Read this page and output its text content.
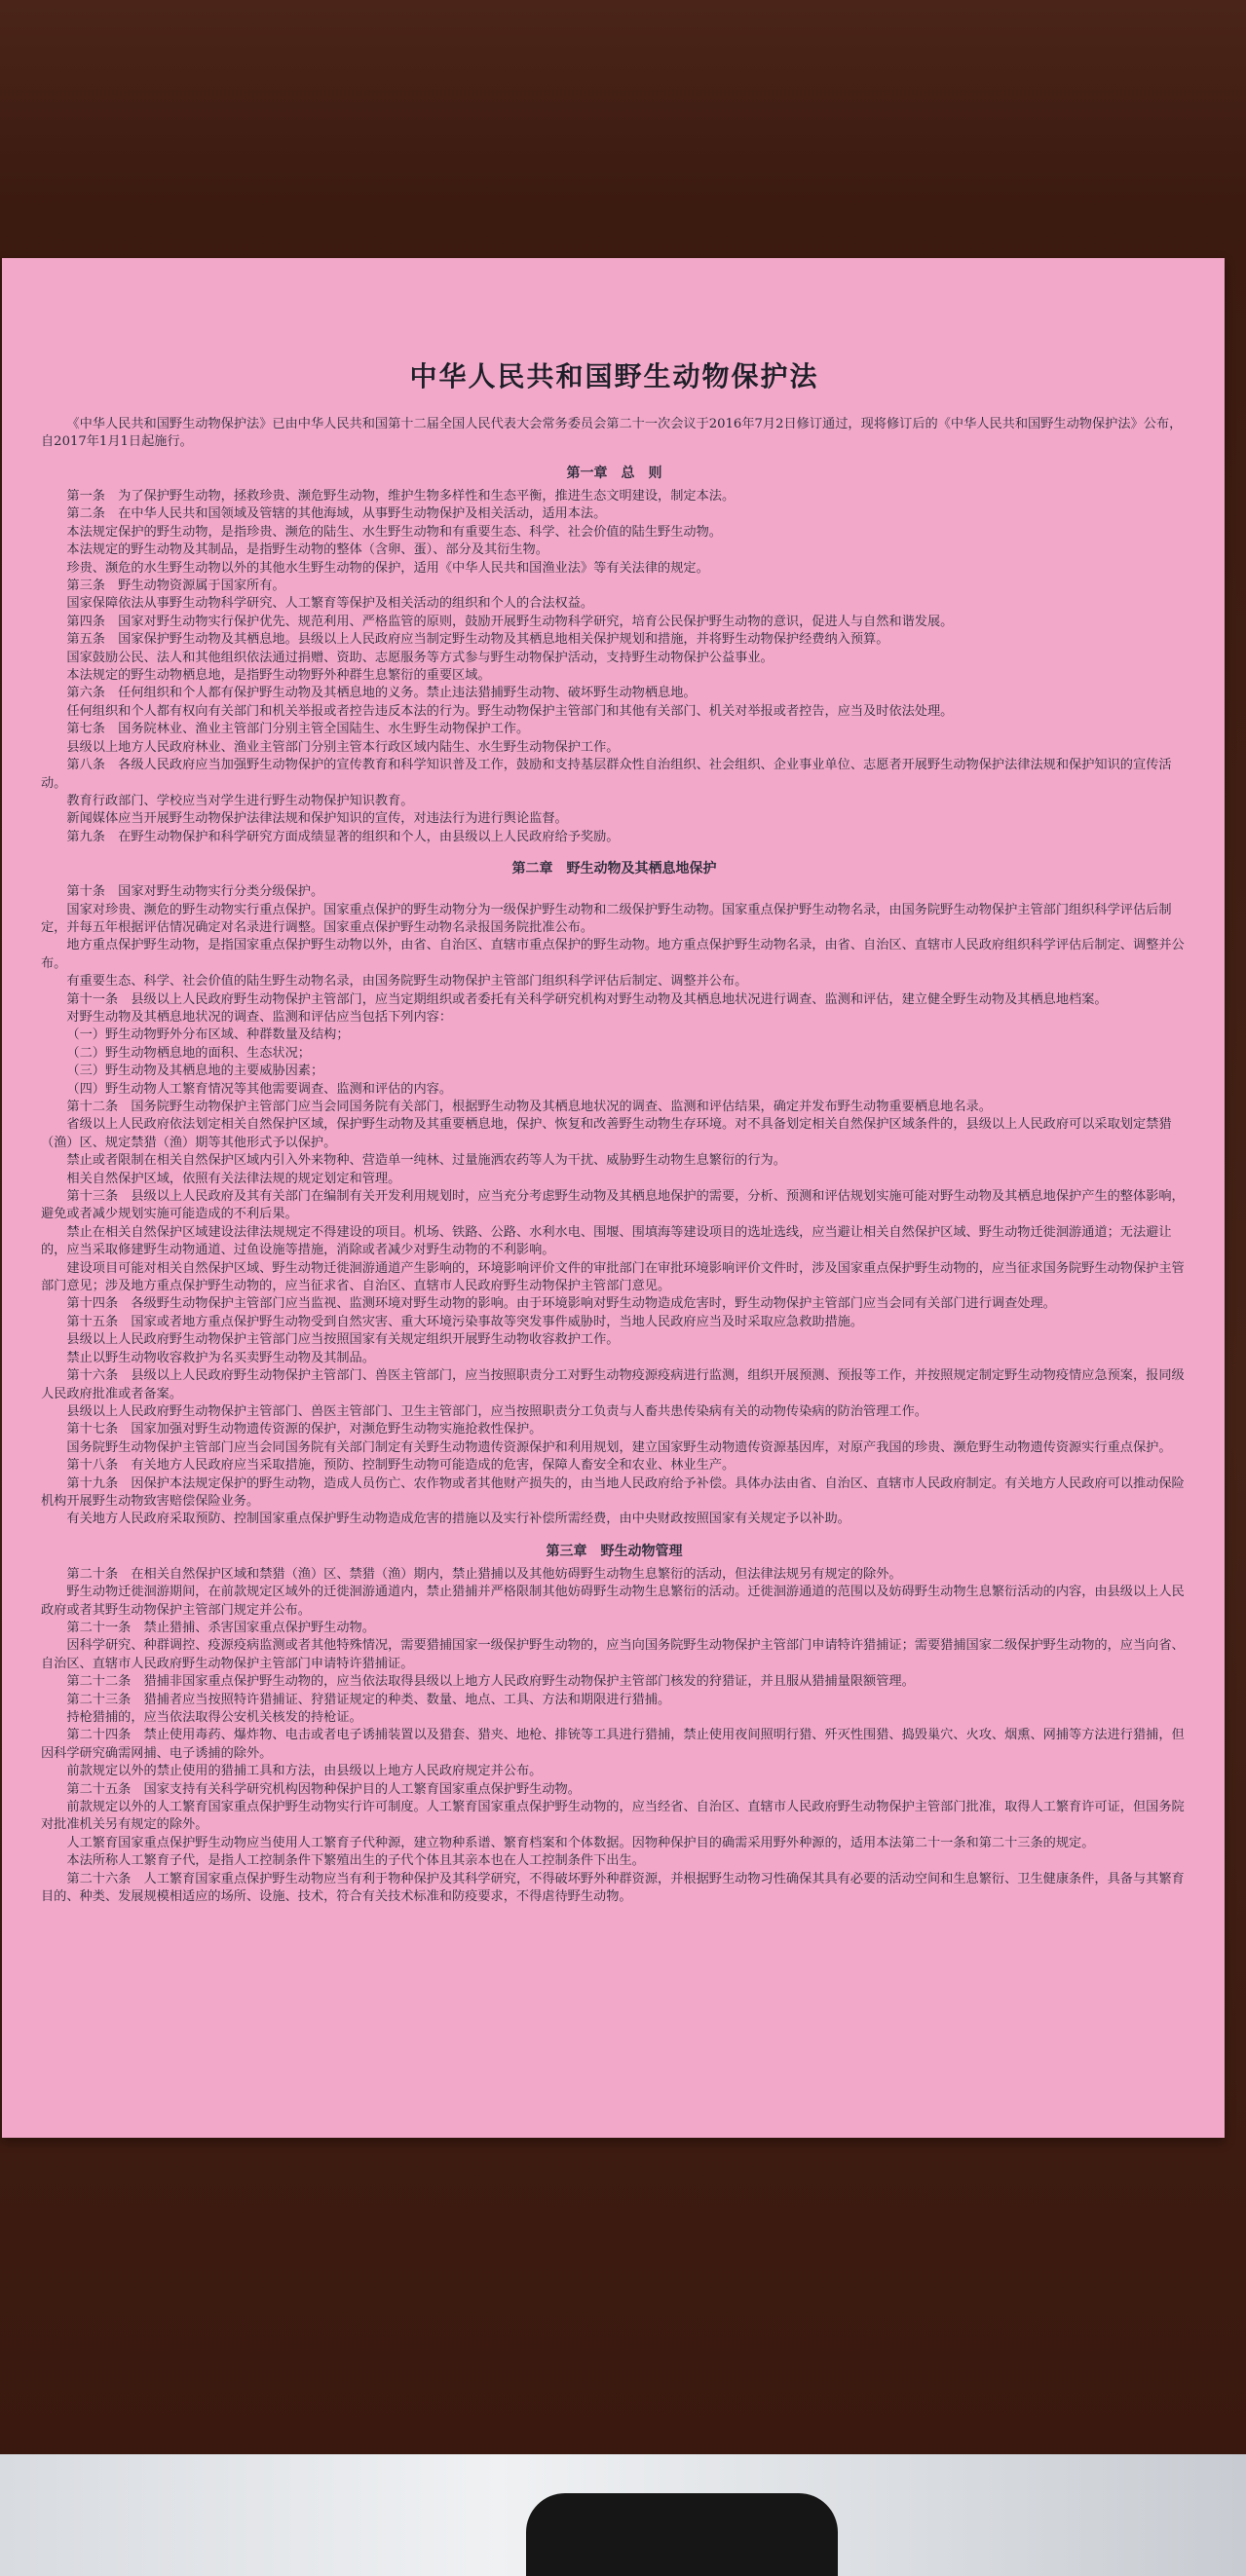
中华人民共和国野生动物保护法

《中华人民共和国野生动物保护法》已由中华人民共和国第十二届全国人民代表大会常务委员会第二十一次会议于2016年7月2日修订通过，现将修订后的《中华人民共和国野生动物保护法》公布，自2017年1月1日起施行。

第一章　总　则

第一条　为了保护野生动物，拯救珍贵、濒危野生动物，维护生物多样性和生态平衡，推进生态文明建设，制定本法。

第二条　在中华人民共和国领域及管辖的其他海域，从事野生动物保护及相关活动，适用本法。

本法规定保护的野生动物，是指珍贵、濒危的陆生、水生野生动物和有重要生态、科学、社会价值的陆生野生动物。

本法规定的野生动物及其制品，是指野生动物的整体（含卵、蛋）、部分及其衍生物。

珍贵、濒危的水生野生动物以外的其他水生野生动物的保护，适用《中华人民共和国渔业法》等有关法律的规定。

第三条　野生动物资源属于国家所有。

国家保障依法从事野生动物科学研究、人工繁育等保护及相关活动的组织和个人的合法权益。

第四条　国家对野生动物实行保护优先、规范利用、严格监管的原则，鼓励开展野生动物科学研究，培育公民保护野生动物的意识，促进人与自然和谐发展。

第五条　国家保护野生动物及其栖息地。县级以上人民政府应当制定野生动物及其栖息地相关保护规划和措施，并将野生动物保护经费纳入预算。

国家鼓励公民、法人和其他组织依法通过捐赠、资助、志愿服务等方式参与野生动物保护活动，支持野生动物保护公益事业。

本法规定的野生动物栖息地，是指野生动物野外种群生息繁衍的重要区域。

第六条　任何组织和个人都有保护野生动物及其栖息地的义务。禁止违法猎捕野生动物、破坏野生动物栖息地。

任何组织和个人都有权向有关部门和机关举报或者控告违反本法的行为。野生动物保护主管部门和其他有关部门、机关对举报或者控告，应当及时依法处理。

第七条　国务院林业、渔业主管部门分别主管全国陆生、水生野生动物保护工作。

县级以上地方人民政府林业、渔业主管部门分别主管本行政区域内陆生、水生野生动物保护工作。

第八条　各级人民政府应当加强野生动物保护的宣传教育和科学知识普及工作，鼓励和支持基层群众性自治组织、社会组织、企业事业单位、志愿者开展野生动物保护法律法规和保护知识的宣传活动。

教育行政部门、学校应当对学生进行野生动物保护知识教育。

新闻媒体应当开展野生动物保护法律法规和保护知识的宣传，对违法行为进行舆论监督。

第九条　在野生动物保护和科学研究方面成绩显著的组织和个人，由县级以上人民政府给予奖励。

第二章　野生动物及其栖息地保护

第十条　国家对野生动物实行分类分级保护。

国家对珍贵、濒危的野生动物实行重点保护。国家重点保护的野生动物分为一级保护野生动物和二级保护野生动物。国家重点保护野生动物名录，由国务院野生动物保护主管部门组织科学评估后制定，并每五年根据评估情况确定对名录进行调整。国家重点保护野生动物名录报国务院批准公布。

地方重点保护野生动物，是指国家重点保护野生动物以外，由省、自治区、直辖市重点保护的野生动物。地方重点保护野生动物名录，由省、自治区、直辖市人民政府组织科学评估后制定、调整并公布。

有重要生态、科学、社会价值的陆生野生动物名录，由国务院野生动物保护主管部门组织科学评估后制定、调整并公布。

第十一条　县级以上人民政府野生动物保护主管部门，应当定期组织或者委托有关科学研究机构对野生动物及其栖息地状况进行调查、监测和评估，建立健全野生动物及其栖息地档案。

对野生动物及其栖息地状况的调查、监测和评估应当包括下列内容：

（一）野生动物野外分布区域、种群数量及结构；

（二）野生动物栖息地的面积、生态状况；

（三）野生动物及其栖息地的主要威胁因素；

（四）野生动物人工繁育情况等其他需要调查、监测和评估的内容。

第十二条　国务院野生动物保护主管部门应当会同国务院有关部门，根据野生动物及其栖息地状况的调查、监测和评估结果，确定并发布野生动物重要栖息地名录。

省级以上人民政府依法划定相关自然保护区域，保护野生动物及其重要栖息地，保护、恢复和改善野生动物生存环境。对不具备划定相关自然保护区域条件的，县级以上人民政府可以采取划定禁猎（渔）区、规定禁猎（渔）期等其他形式予以保护。

禁止或者限制在相关自然保护区域内引入外来物种、营造单一纯林、过量施洒农药等人为干扰、威胁野生动物生息繁衍的行为。

相关自然保护区域，依照有关法律法规的规定划定和管理。

第十三条　县级以上人民政府及其有关部门在编制有关开发利用规划时，应当充分考虑野生动物及其栖息地保护的需要，分析、预测和评估规划实施可能对野生动物及其栖息地保护产生的整体影响，避免或者减少规划实施可能造成的不利后果。

禁止在相关自然保护区域建设法律法规规定不得建设的项目。机场、铁路、公路、水利水电、围堰、围填海等建设项目的选址选线，应当避让相关自然保护区域、野生动物迁徙洄游通道；无法避让的，应当采取修建野生动物通道、过鱼设施等措施，消除或者减少对野生动物的不利影响。

建设项目可能对相关自然保护区域、野生动物迁徙洄游通道产生影响的，环境影响评价文件的审批部门在审批环境影响评价文件时，涉及国家重点保护野生动物的，应当征求国务院野生动物保护主管部门意见；涉及地方重点保护野生动物的，应当征求省、自治区、直辖市人民政府野生动物保护主管部门意见。

第十四条　各级野生动物保护主管部门应当监视、监测环境对野生动物的影响。由于环境影响对野生动物造成危害时，野生动物保护主管部门应当会同有关部门进行调查处理。

第十五条　国家或者地方重点保护野生动物受到自然灾害、重大环境污染事故等突发事件威胁时，当地人民政府应当及时采取应急救助措施。

县级以上人民政府野生动物保护主管部门应当按照国家有关规定组织开展野生动物收容救护工作。

禁止以野生动物收容救护为名买卖野生动物及其制品。

第十六条　县级以上人民政府野生动物保护主管部门、兽医主管部门，应当按照职责分工对野生动物疫源疫病进行监测，组织开展预测、预报等工作，并按照规定制定野生动物疫情应急预案，报同级人民政府批准或者备案。

县级以上人民政府野生动物保护主管部门、兽医主管部门、卫生主管部门，应当按照职责分工负责与人畜共患传染病有关的动物传染病的防治管理工作。

第十七条　国家加强对野生动物遗传资源的保护，对濒危野生动物实施抢救性保护。

国务院野生动物保护主管部门应当会同国务院有关部门制定有关野生动物遗传资源保护和利用规划，建立国家野生动物遗传资源基因库，对原产我国的珍贵、濒危野生动物遗传资源实行重点保护。

第十八条　有关地方人民政府应当采取措施，预防、控制野生动物可能造成的危害，保障人畜安全和农业、林业生产。

第十九条　因保护本法规定保护的野生动物，造成人员伤亡、农作物或者其他财产损失的，由当地人民政府给予补偿。具体办法由省、自治区、直辖市人民政府制定。有关地方人民政府可以推动保险机构开展野生动物致害赔偿保险业务。

有关地方人民政府采取预防、控制国家重点保护野生动物造成危害的措施以及实行补偿所需经费，由中央财政按照国家有关规定予以补助。

第三章　野生动物管理

第二十条　在相关自然保护区域和禁猎（渔）区、禁猎（渔）期内，禁止猎捕以及其他妨碍野生动物生息繁衍的活动，但法律法规另有规定的除外。

野生动物迁徙洄游期间，在前款规定区域外的迁徙洄游通道内，禁止猎捕并严格限制其他妨碍野生动物生息繁衍的活动。迁徙洄游通道的范围以及妨碍野生动物生息繁衍活动的内容，由县级以上人民政府或者其野生动物保护主管部门规定并公布。

第二十一条　禁止猎捕、杀害国家重点保护野生动物。

因科学研究、种群调控、疫源疫病监测或者其他特殊情况，需要猎捕国家一级保护野生动物的，应当向国务院野生动物保护主管部门申请特许猎捕证；需要猎捕国家二级保护野生动物的，应当向省、自治区、直辖市人民政府野生动物保护主管部门申请特许猎捕证。

第二十二条　猎捕非国家重点保护野生动物的，应当依法取得县级以上地方人民政府野生动物保护主管部门核发的狩猎证，并且服从猎捕量限额管理。

第二十三条　猎捕者应当按照特许猎捕证、狩猎证规定的种类、数量、地点、工具、方法和期限进行猎捕。

持枪猎捕的，应当依法取得公安机关核发的持枪证。

第二十四条　禁止使用毒药、爆炸物、电击或者电子诱捕装置以及猎套、猎夹、地枪、排铳等工具进行猎捕，禁止使用夜间照明行猎、歼灭性围猎、捣毁巢穴、火攻、烟熏、网捕等方法进行猎捕，但因科学研究确需网捕、电子诱捕的除外。

前款规定以外的禁止使用的猎捕工具和方法，由县级以上地方人民政府规定并公布。

第二十五条　国家支持有关科学研究机构因物种保护目的人工繁育国家重点保护野生动物。

前款规定以外的人工繁育国家重点保护野生动物实行许可制度。人工繁育国家重点保护野生动物的，应当经省、自治区、直辖市人民政府野生动物保护主管部门批准，取得人工繁育许可证，但国务院对批准机关另有规定的除外。

人工繁育国家重点保护野生动物应当使用人工繁育子代种源，建立物种系谱、繁育档案和个体数据。因物种保护目的确需采用野外种源的，适用本法第二十一条和第二十三条的规定。

本法所称人工繁育子代，是指人工控制条件下繁殖出生的子代个体且其亲本也在人工控制条件下出生。

第二十六条　人工繁育国家重点保护野生动物应当有利于物种保护及其科学研究，不得破坏野外种群资源，并根据野生动物习性确保其具有必要的活动空间和生息繁衍、卫生健康条件，具备与其繁育目的、种类、发展规模相适应的场所、设施、技术，符合有关技术标准和防疫要求，不得虐待野生动物。
